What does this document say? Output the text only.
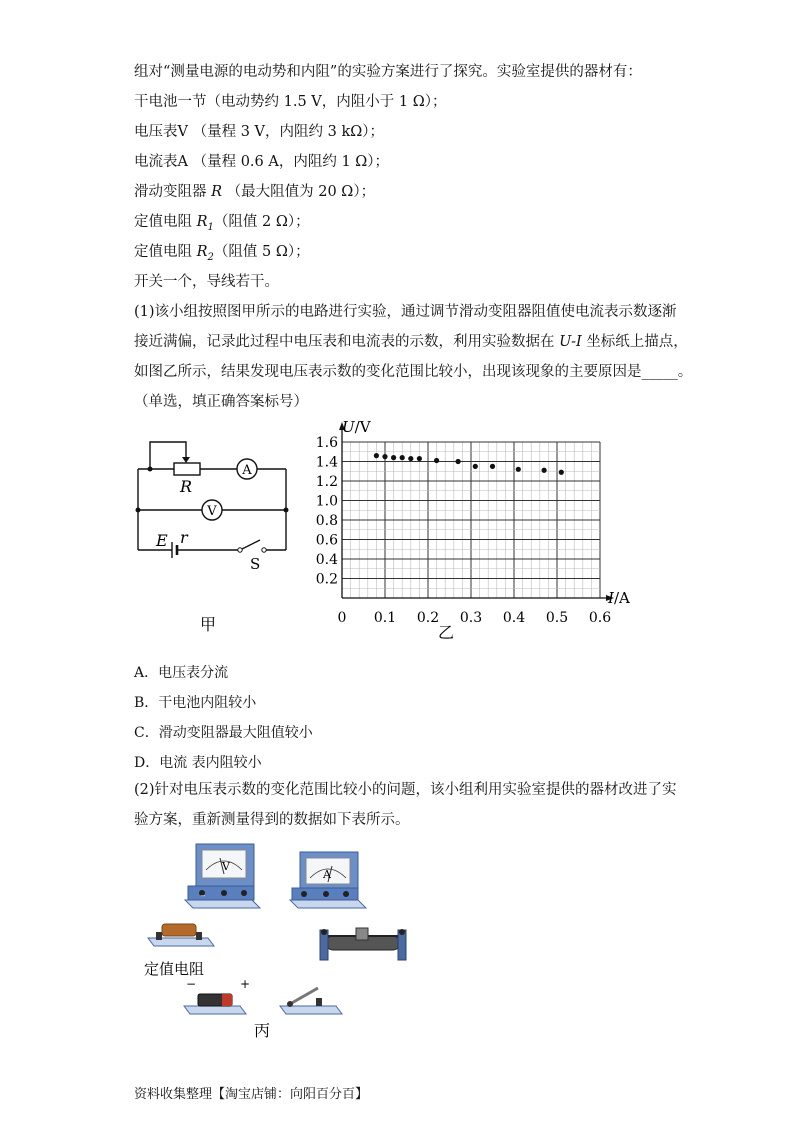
组对“测量电源的电动势和内阻”的实验方案进行了探究。实验室提供的器材有：
干电池一节（电动势约 1.5 V，内阻小于 1 Ω）；
电压表V （量程 3 V，内阻约 3 kΩ）；
电流表A （量程 0.6 A，内阻约 1 Ω）；
滑动变阻器 R （最大阻值为 20 Ω）；
定值电阻 $R_1$（阻值 2 Ω）；
定值电阻 $R_2$（阻值 5 Ω）；
开关一个，导线若干。
(1)该小组按照图甲所示的电路进行实验，通过调节滑动变阻器阻值使电流表示数逐渐
接近满偏，记录此过程中电压表和电流表的示数，利用实验数据在 U-I 坐标纸上描点，
如图乙所示，结果发现电压表示数的变化范围比较小，出现该现象的主要原因是_____。
（单选，填正确答案标号）
R
A
V
E r
S
甲	0 0.1 0.2 0.3 0.4 0.5 0.6
0.2
0.4
0.6
0.8
1.0
1.2
1.4
1.6
U/V
I/A
乙
A．电压表分流
B．干电池内阻较小
C．滑动变阻器最大阻值较小
D．电流 表内阻较小
(2)针对电压表示数的变化范围比较小的问题，该小组利用实验室提供的器材改进了实
验方案，重新测量得到的数据如下表所示。
V
−
A
定值电阻
−	+
丙
资料收集整理【淘宝店铺：向阳百分百】
